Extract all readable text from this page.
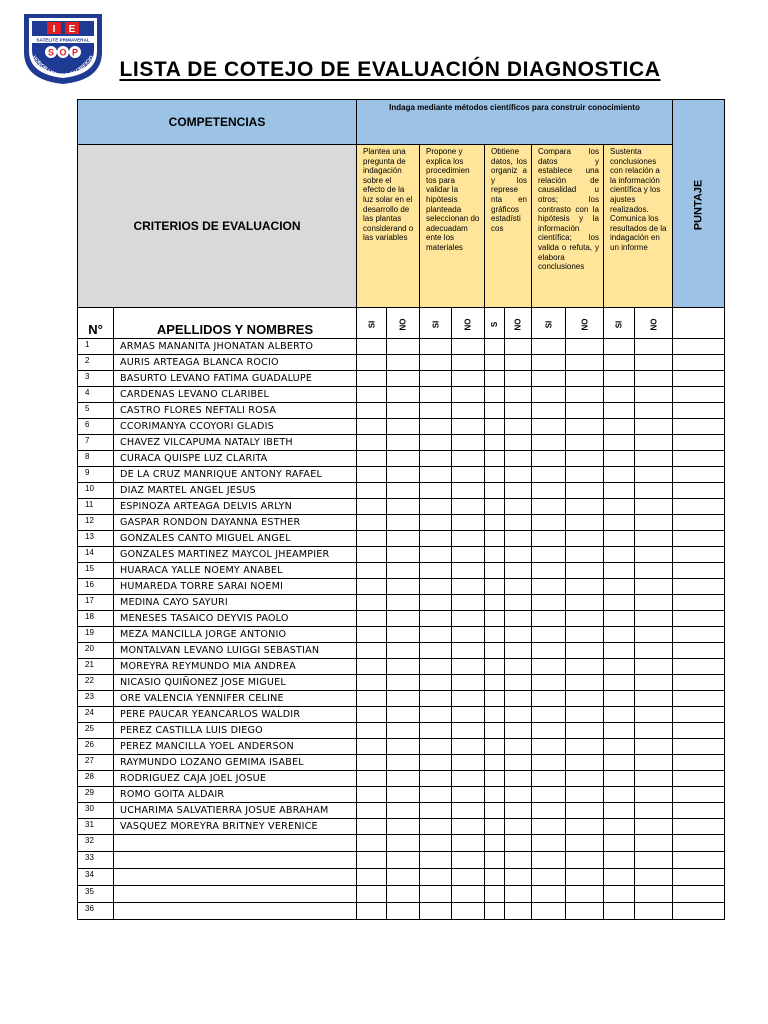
I E
SATELITE PRIMAVERAL
S O P
HONOR LEALTAD SACRIFICIO	LISTA DE COTEJO DE EVALUACIÓN DIAGNOSTICA
COMPETENCIAS		Indaga mediante métodos científicos para construir conocimiento										PUNTAJE
CRITERIOS DE EVALUACION		Plantea una pregunta de indagación sobre el efecto de la luz solar en el desarrollo de las plantas considerand o las variables		Propone y explica los procedimien tos para validar la hipótesis planteada seleccionan do adecuadam ente los materiales		Obtiene datos, los organiz a y los represe nta en gráficos estadísti cos		Compara los datos y establece una relación de causalidad u otros; los contrasto con la hipótesis y la información científica; los valida o refuta, y elabora conclusiones		Sustenta conclusiones con relación a la información científica y los ajustes realizados. Comunica los resultados de la indagación en un informe		
N°	APELLIDOS Y NOMBRES	SI	NO	SI	NO	S	NO	SI	NO	SI	NO	
1	ARMAS MANANITA JHONATAN ALBERTO											
2	AURIS ARTEAGA BLANCA ROCIO											
3	BASURTO LEVANO FATIMA GUADALUPE											
4	CARDENAS LEVANO CLARIBEL											
5	CASTRO FLORES NEFTALI ROSA											
6	CCORIMANYA CCOYORI GLADIS											
7	CHAVEZ VILCAPUMA NATALY IBETH											
8	CURACA QUISPE LUZ CLARITA											
9	DE LA CRUZ MANRIQUE ANTONY RAFAEL											
10	DIAZ MARTEL ANGEL JESUS											
11	ESPINOZA ARTEAGA DELVIS ARLYN											
12	GASPAR RONDON DAYANNA ESTHER											
13	GONZALES CANTO MIGUEL ANGEL											
14	GONZALES MARTINEZ MAYCOL JHEAMPIER											
15	HUARACA YALLE NOEMY ANABEL											
16	HUMAREDA TORRE SARAI NOEMI											
17	MEDINA CAYO SAYURI											
18	MENESES TASAICO DEYVIS PAOLO											
19	MEZA MANCILLA JORGE ANTONIO											
20	MONTALVAN LEVANO LUIGGI SEBASTIAN											
21	MOREYRA REYMUNDO MIA ANDREA											
22	NICASIO QUIÑONEZ JOSE MIGUEL											
23	ORE VALENCIA YENNIFER CELINE											
24	PERE PAUCAR YEANCARLOS WALDIR											
25	PEREZ CASTILLA LUIS DIEGO											
26	PEREZ MANCILLA YOEL ANDERSON											
27	RAYMUNDO LOZANO GEMIMA ISABEL											
28	RODRIGUEZ CAJA JOEL JOSUE											
29	ROMO GOITA ALDAIR											
30	UCHARIMA SALVATIERRA JOSUE ABRAHAM											
31	VASQUEZ MOREYRA BRITNEY VERENICE											
32												
33												
34												
35												
36												
